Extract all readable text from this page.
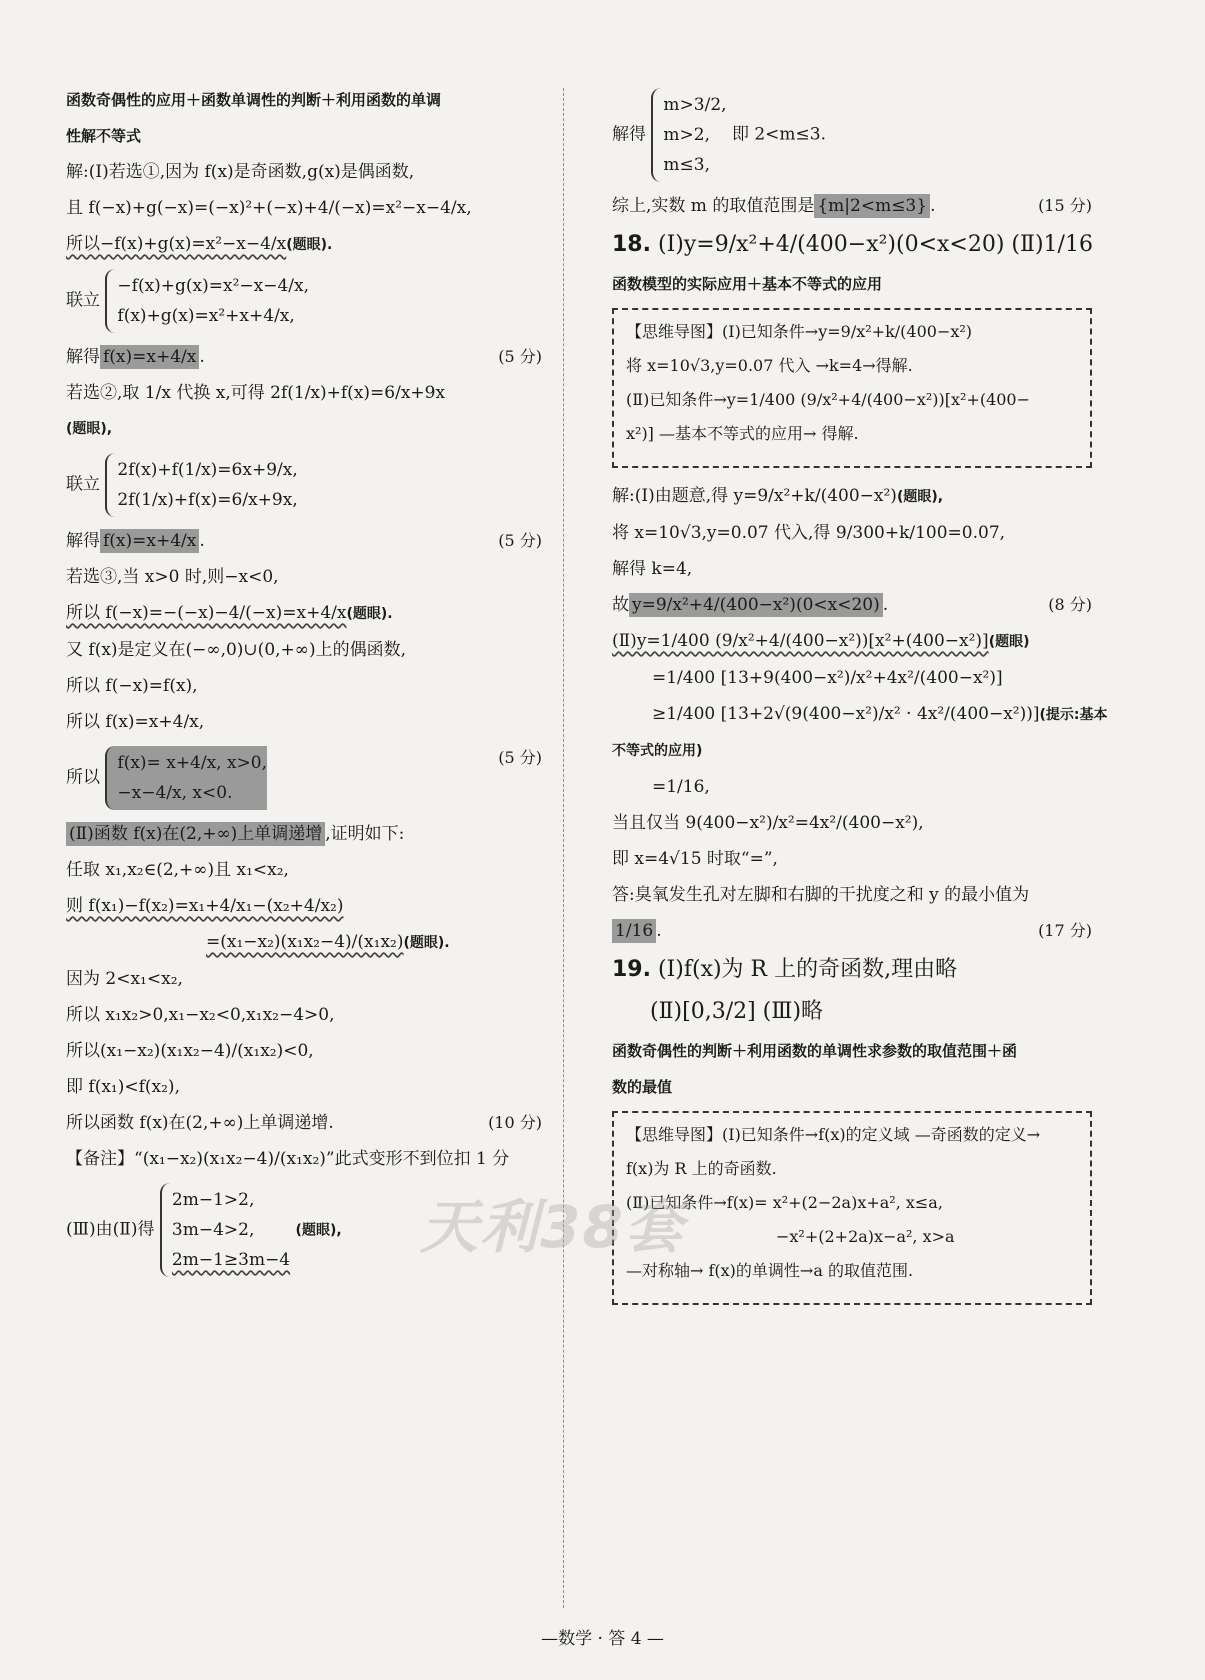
函数奇偶性的应用＋函数单调性的判断＋利用函数的单调
性解不等式
解:(Ⅰ)若选①,因为 f(x)是奇函数,g(x)是偶函数,
且 f(−x)+g(−x)=(−x)²+(−x)+4/(−x)=x²−x−4/x,
所以−f(x)+g(x)=x²−x−4/x(题眼).
联立
−f(x)+g(x)=x²−x−4/x,
f(x)+g(x)=x²+x+4/x,
解得 f(x)=x+4/x .	(5 分)
若选②,取 1/x 代换 x,可得 2f(1/x)+f(x)=6/x+9x
(题眼),
联立
2f(x)+f(1/x)=6x+9/x,
2f(1/x)+f(x)=6/x+9x,
解得 f(x)=x+4/x .	(5 分)
若选③,当 x>0 时,则−x<0,
所以 f(−x)=−(−x)−4/(−x)=x+4/x(题眼).
又 f(x)是定义在(−∞,0)∪(0,+∞)上的偶函数,
所以 f(−x)=f(x),
所以 f(x)=x+4/x,
所以
f(x)= x+4/x, x>0,
−x−4/x, x<0.
(5 分)
(Ⅱ)函数 f(x)在(2,+∞)上单调递增 ,证明如下:
任取 x₁,x₂∈(2,+∞)且 x₁<x₂,
则 f(x₁)−f(x₂)=x₁+4/x₁−(x₂+4/x₂)
=(x₁−x₂)(x₁x₂−4)/(x₁x₂)(题眼).
因为 2<x₁<x₂,
所以 x₁x₂>0,x₁−x₂<0,x₁x₂−4>0,
所以(x₁−x₂)(x₁x₂−4)/(x₁x₂)<0,
即 f(x₁)<f(x₂),
所以函数 f(x)在(2,+∞)上单调递增.	(10 分)
【备注】“(x₁−x₂)(x₁x₂−4)/(x₁x₂)”此式变形不到位扣 1 分
(Ⅲ)由(Ⅱ)得
2m−1>2,
3m−4>2,
2m−1≥3m−4
(题眼),
解得
m>3/2,
m>2,
m≤3,
即 2<m≤3.
综上,实数 m 的取值范围是 {m|2<m≤3} .	(15 分)
18. (Ⅰ)y=9/x²+4/(400−x²)(0<x<20) (Ⅱ)1/16
函数模型的实际应用＋基本不等式的应用
【思维导图】(Ⅰ)已知条件→y=9/x²+k/(400−x²)
将 x=10√3,y=0.07 代入 →k=4→得解.
(Ⅱ)已知条件→y=1/400 (9/x²+4/(400−x²))[x²+(400−
x²)] —基本不等式的应用→ 得解.
解:(Ⅰ)由题意,得 y=9/x²+k/(400−x²)(题眼),
将 x=10√3,y=0.07 代入,得 9/300+k/100=0.07,
解得 k=4,
故 y=9/x²+4/(400−x²)(0<x<20) .	(8 分)
(Ⅱ)y=1/400 (9/x²+4/(400−x²))[x²+(400−x²)](题眼)
=1/400 [13+9(400−x²)/x²+4x²/(400−x²)]
≥1/400 [13+2√(9(400−x²)/x² · 4x²/(400−x²))](提示:基本
不等式的应用)
=1/16,
当且仅当 9(400−x²)/x²=4x²/(400−x²),
即 x=4√15 时取“=”,
答:臭氧发生孔对左脚和右脚的干扰度之和 y 的最小值为
1/16 .	(17 分)
19. (Ⅰ)f(x)为 R 上的奇函数,理由略
(Ⅱ)[0,3/2] (Ⅲ)略
函数奇偶性的判断＋利用函数的单调性求参数的取值范围＋函
数的最值
【思维导图】(Ⅰ)已知条件→f(x)的定义域 —奇函数的定义→
f(x)为 R 上的奇函数.
(Ⅱ)已知条件→f(x)= x²+(2−2a)x+a², x≤a,
−x²+(2+2a)x−a², x>a
—对称轴→ f(x)的单调性→a 的取值范围.
天利38套
—数学 · 答 4 —
